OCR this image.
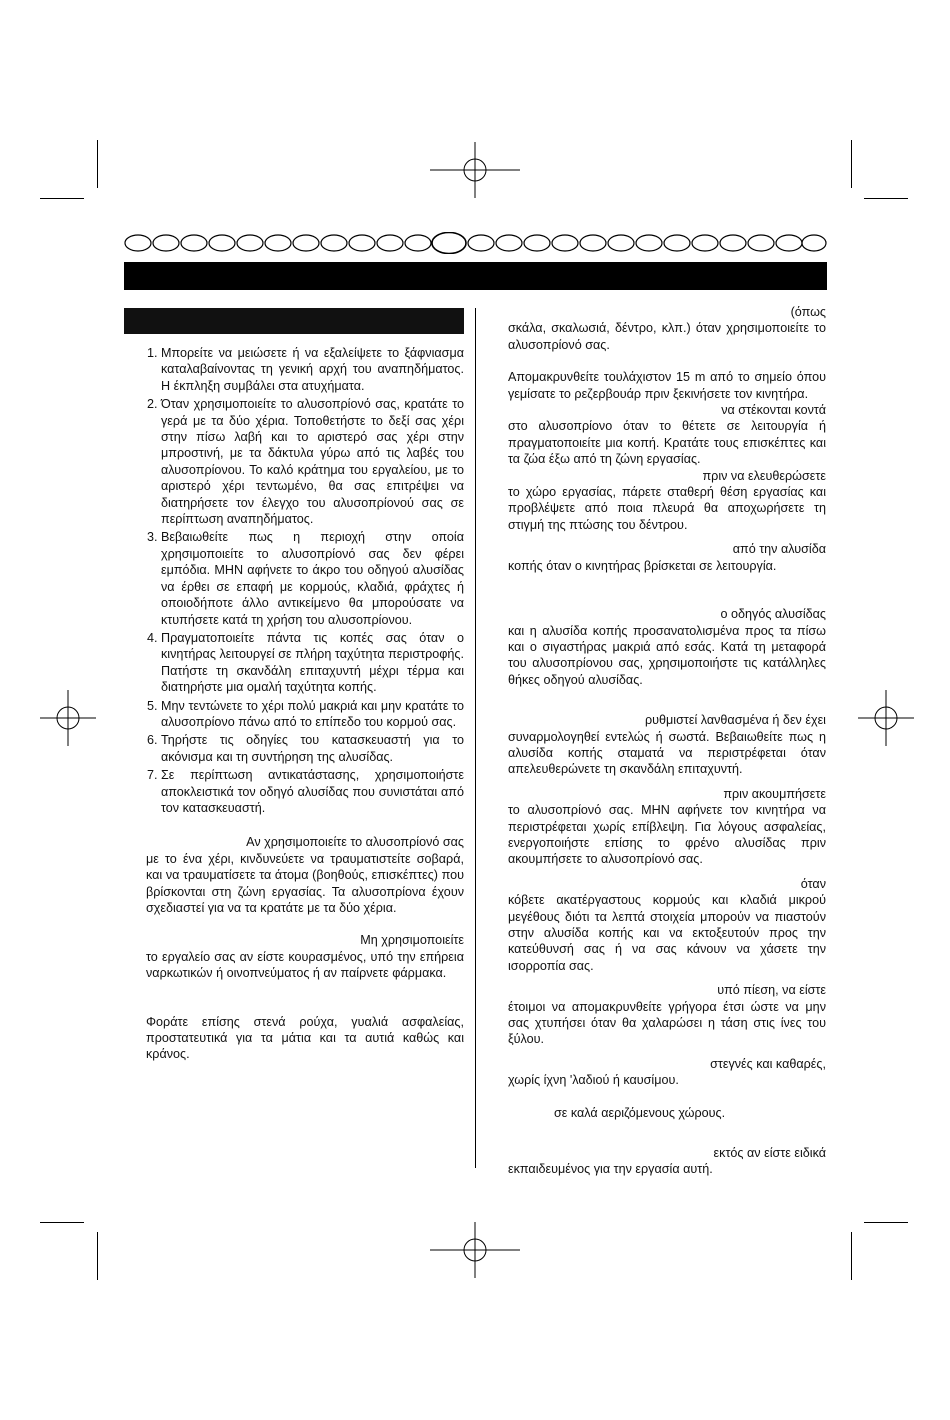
1. Μπορείτε να μειώσετε ή να εξαλείψετε το ξάφνιασμα καταλαβαίνοντας τη γενική αρχή του αναπηδήματος. Η έκπληξη συμβάλει στα ατυχήματα.
2. Όταν χρησιμοποιείτε το αλυσοπρίονό σας, κρατάτε το γερά με τα δύο χέρια. Τοποθετήστε το δεξί σας χέρι στην πίσω λαβή και το αριστερό σας χέρι στην μπροστινή, με τα δάκτυλα γύρω από τις λαβές του αλυσοπρίονου. Το καλό κράτημα του εργαλείου, με το αριστερό χέρι τεντωμένο, θα σας επιτρέψει να διατηρήσετε τον έλεγχο του αλυσοπρίονού σας σε περίπτωση αναπηδήματος.
3. Βεβαιωθείτε πως η περιοχή στην οποία χρησιμοποιείτε το αλυσοπρίονό σας δεν φέρει εμπόδια. ΜΗΝ αφήνετε το άκρο του οδηγού αλυσίδας να έρθει σε επαφή με κορμούς, κλαδιά, φράχτες ή οποιοδήποτε άλλο αντικείμενο θα μπορούσατε να κτυπήσετε κατά τη χρήση του αλυσοπρίονου.
4. Πραγματοποιείτε πάντα τις κοπές σας όταν ο κινητήρας λειτουργεί σε πλήρη ταχύτητα περιστροφής. Πατήστε τη σκανδάλη επιταχυντή μέχρι τέρμα και διατηρήστε μια ομαλή ταχύτητα κοπής.
5. Μην τεντώνετε το χέρι πολύ μακριά και μην κρατάτε το αλυσοπρίονο πάνω από το επίπεδο του κορμού σας.
6. Τηρήστε τις οδηγίες του κατασκευαστή για το ακόνισμα και τη συντήρηση της αλυσίδας.
7. Σε περίπτωση αντικατάστασης, χρησιμοποιήστε αποκλειστικά τον οδηγό αλυσίδας που συνιστάται από τον κατασκευαστή.

Αν χρησιμοποιείτε το αλυσοπρίονό σας

με το ένα χέρι, κινδυνεύετε να τραυματιστείτε σοβαρά, και να τραυματίσετε τα άτομα (βοηθούς, επισκέπτες) που βρίσκονται στη ζώνη εργασίας. Τα αλυσοπρίονα έχουν σχεδιαστεί για να τα κρατάτε με τα δύο χέρια.

Μη χρησιμοποιείτε

το εργαλείο σας αν είστε κουρασμένος, υπό την επήρεια ναρκωτικών ή οινοπνεύματος ή αν παίρνετε φάρμακα.

Φοράτε επίσης στενά ρούχα, γυαλιά ασφαλείας, προστατευτικά για τα μάτια και τα αυτιά καθώς και κράνος.

(όπως

σκάλα, σκαλωσιά, δέντρο, κλπ.) όταν χρησιμοποιείτε το αλυσοπρίονό σας.

Απομακρυνθείτε τουλάχιστον 15 m από το σημείο όπου γεμίσατε το ρεζερβουάρ πριν ξεκινήσετε τον κινητήρα.

να στέκονται κοντά

στο αλυσοπρίονο όταν το θέτετε σε λειτουργία ή πραγματοποιείτε μια κοπή. Κρατάτε τους επισκέπτες και τα ζώα έξω από τη ζώνη εργασίας.

πριν να ελευθερώσετε

το χώρο εργασίας, πάρετε σταθερή θέση εργασίας και προβλέψετε από ποια πλευρά θα αποχωρήσετε τη στιγμή της πτώσης του δέντρου.

από την αλυσίδα

κοπής όταν ο κινητήρας βρίσκεται σε λειτουργία.

ο οδηγός αλυσίδας

και η αλυσίδα κοπής προσανατολισμένα προς τα πίσω και ο σιγαστήρας μακριά από εσάς. Κατά τη μεταφορά του αλυσοπρίονου σας, χρησιμοποιήστε τις κατάλληλες θήκες οδηγού αλυσίδας.

ρυθμιστεί λανθασμένα ή δεν έχει

συναρμολογηθεί εντελώς ή σωστά. Βεβαιωθείτε πως η αλυσίδα κοπής σταματά να περιστρέφεται όταν απελευθερώνετε τη σκανδάλη επιταχυντή.

πριν ακουμπήσετε

το αλυσοπρίονό σας. ΜΗΝ αφήνετε τον κινητήρα να περιστρέφεται χωρίς επίβλεψη. Για λόγους ασφαλείας, ενεργοποιήστε επίσης το φρένο αλυσίδας πριν ακουμπήσετε το αλυσοπρίονό σας.

όταν

κόβετε ακατέργαστους κορμούς και κλαδιά μικρού μεγέθους διότι τα λεπτά στοιχεία μπορούν να πιαστούν στην αλυσίδα κοπής και να εκτοξευτούν προς την κατεύθυνσή σας ή να σας κάνουν να χάσετε την ισορροπία σας.

υπό πίεση, να είστε

έτοιμοι να απομακρυνθείτε γρήγορα έτσι ώστε να μην σας χτυπήσει όταν θα χαλαρώσει η τάση στις ίνες του ξύλου.

στεγνές και καθαρές,

χωρίς ίχνη 'λαδιού ή καυσίμου.

σε καλά αεριζόμενους χώρους.

εκτός αν είστε ειδικά

εκπαιδευμένος για την εργασία αυτή.
